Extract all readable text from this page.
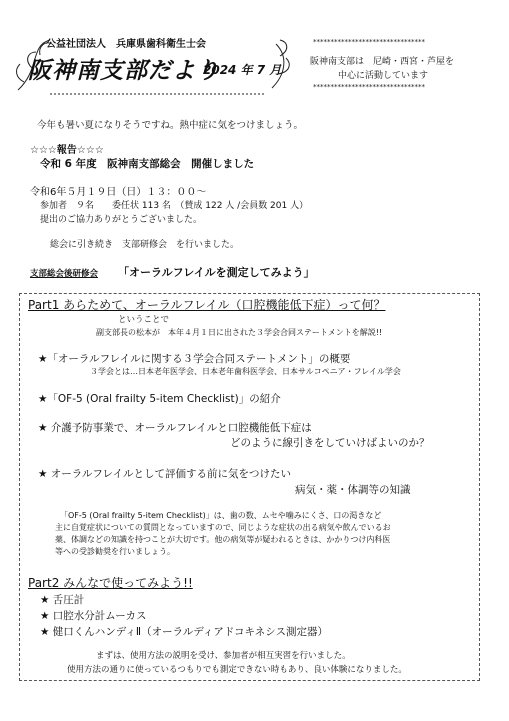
公益社団法人　兵庫県歯科衛生士会
阪神南支部だより
2024 年 7 月
********************************
阪神南支部は　尼崎・西宮・芦屋を
中心に活動しています
********************************
今年も暑い夏になりそうですね。熱中症に気をつけましょう。
☆☆☆報告☆☆☆
令和 6 年度　阪神南支部総会　開催しました
令和6年５月１９日（日）１３：００〜
参加者　９名　　委任状 113 名　（賛成 122 人 /会員数 201 人）
提出のご協力ありがとうございました。
総会に引き続き　支部研修会　を行いました。
支部総会後研修会 「オーラルフレイルを測定してみよう」
Part1 あらためて、オーラルフレイル（口腔機能低下症）って何？
ということで
副支部長の松本が　本年４月１日に出された３学会合同ステートメントを解説!!
★「オーラルフレイルに関する３学会合同ステートメント」の概要
３学会とは…日本老年医学会、日本老年歯科医学会、日本サルコペニア・フレイル学会
★「OF-5 (Oral frailty 5-item Checklist)」の紹介
★ 介護予防事業で、オーラルフレイルと口腔機能低下症は
どのように線引きをしていけばよいのか？
★ オーラルフレイルとして評価する前に気をつけたい
病気・薬・体調等の知識
「OF-5 (Oral frailty 5-item Checklist)」は、歯の数、ムセや噛みにくさ、口の渇きなど
主に自覚症状についての質問となっていますので、同じような症状の出る病気や飲んでいるお
薬、体調などの知識を持つことが大切です。他の病気等が疑われるときは、かかりつけ内科医
等への受診勧奨を行いましょう。
Part2 みんなで使ってみよう!!
★ 舌圧計
★ 口腔水分計ムーカス
★ 健口くんハンディⅡ（オーラルディアドコキネシス測定器）
まずは、使用方法の説明を受け、参加者が相互実習を行いました。
使用方法の通りに使っているつもりでも測定できない時もあり、良い体験になりました。
